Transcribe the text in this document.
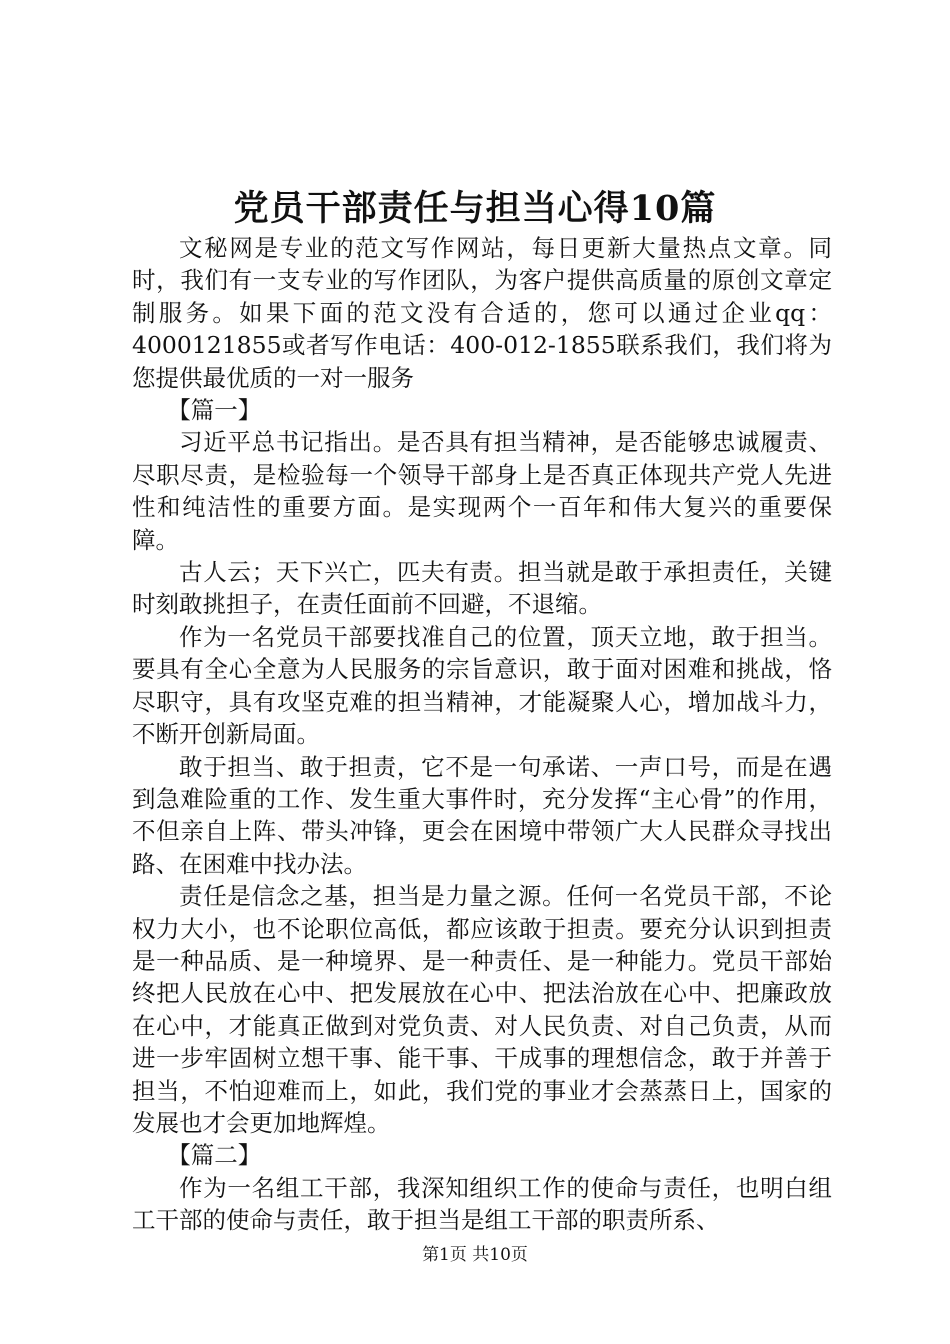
党员干部责任与担当心得10篇

文秘网是专业的范文写作网站，每日更新大量热点文章。同时，我们有一支专业的写作团队，为客户提供高质量的原创文章定制服务。如果下面的范文没有合适的，您可以通过企业qq：4000121855或者写作电话：400-012-1855联系我们，我们将为您提供最优质的一对一服务

【篇一】

习近平总书记指出。是否具有担当精神，是否能够忠诚履责、尽职尽责，是检验每一个领导干部身上是否真正体现共产党人先进性和纯洁性的重要方面。是实现两个一百年和伟大复兴的重要保障。

古人云；天下兴亡，匹夫有责。担当就是敢于承担责任，关键时刻敢挑担子，在责任面前不回避，不退缩。

作为一名党员干部要找准自己的位置，顶天立地，敢于担当。要具有全心全意为人民服务的宗旨意识，敢于面对困难和挑战，恪尽职守，具有攻坚克难的担当精神，才能凝聚人心，增加战斗力，不断开创新局面。

敢于担当、敢于担责，它不是一句承诺、一声口号，而是在遇到急难险重的工作、发生重大事件时，充分发挥“主心骨”的作用，不但亲自上阵、带头冲锋，更会在困境中带领广大人民群众寻找出路、在困难中找办法。

责任是信念之基，担当是力量之源。任何一名党员干部，不论权力大小，也不论职位高低，都应该敢于担责。要充分认识到担责是一种品质、是一种境界、是一种责任、是一种能力。党员干部始终把人民放在心中、把发展放在心中、把法治放在心中、把廉政放在心中，才能真正做到对党负责、对人民负责、对自己负责，从而进一步牢固树立想干事、能干事、干成事的理想信念，敢于并善于担当，不怕迎难而上，如此，我们党的事业才会蒸蒸日上，国家的发展也才会更加地辉煌。

【篇二】

作为一名组工干部，我深知组织工作的使命与责任，也明白组工干部的使命与责任，敢于担当是组工干部的职责所系、

第1页 共10页
